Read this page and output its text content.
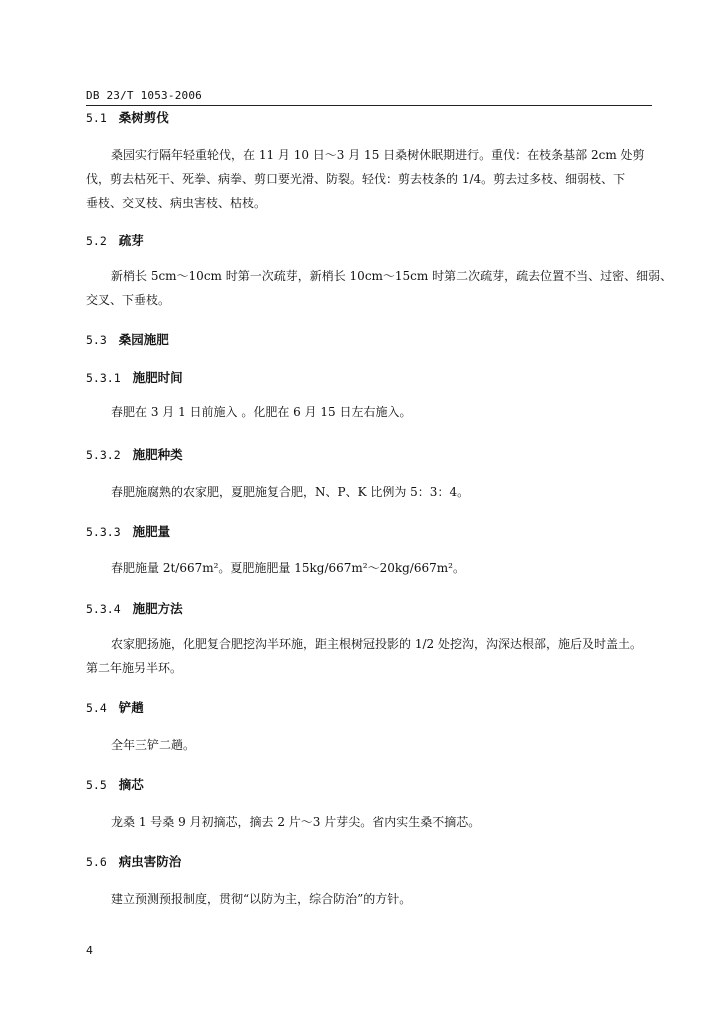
DB 23/T 1053-2006
5.1 桑树剪伐
桑园实行隔年轻重轮伐，在 11 月 10 日～3 月 15 日桑树休眠期进行。重伐：在枝条基部 2cm 处剪
伐，剪去枯死干、死拳、病拳、剪口要光滑、防裂。轻伐：剪去枝条的 1/4。剪去过多枝、细弱枝、下
垂枝、交叉枝、病虫害枝、枯枝。
5.2 疏芽
新梢长 5cm～10cm 时第一次疏芽，新梢长 10cm～15cm 时第二次疏芽，疏去位置不当、过密、细弱、
交叉、下垂枝。
5.3 桑园施肥
5.3.1 施肥时间
春肥在 3 月 1 日前施入 。化肥在 6 月 15 日左右施入。
5.3.2 施肥种类
春肥施腐熟的农家肥，夏肥施复合肥，N、P、K 比例为 5：3：4。
5.3.3 施肥量
春肥施量 2t/667m²。夏肥施肥量 15kg/667m²～20kg/667m²。
5.3.4 施肥方法
农家肥扬施，化肥复合肥挖沟半环施，距主根树冠投影的 1/2 处挖沟，沟深达根部，施后及时盖土。
第二年施另半环。
5.4 铲趟
全年三铲二趟。
5.5 摘芯
龙桑 1 号桑 9 月初摘芯，摘去 2 片～3 片芽尖。省内实生桑不摘芯。
5.6 病虫害防治
建立预测预报制度，贯彻“以防为主，综合防治”的方针。
4
